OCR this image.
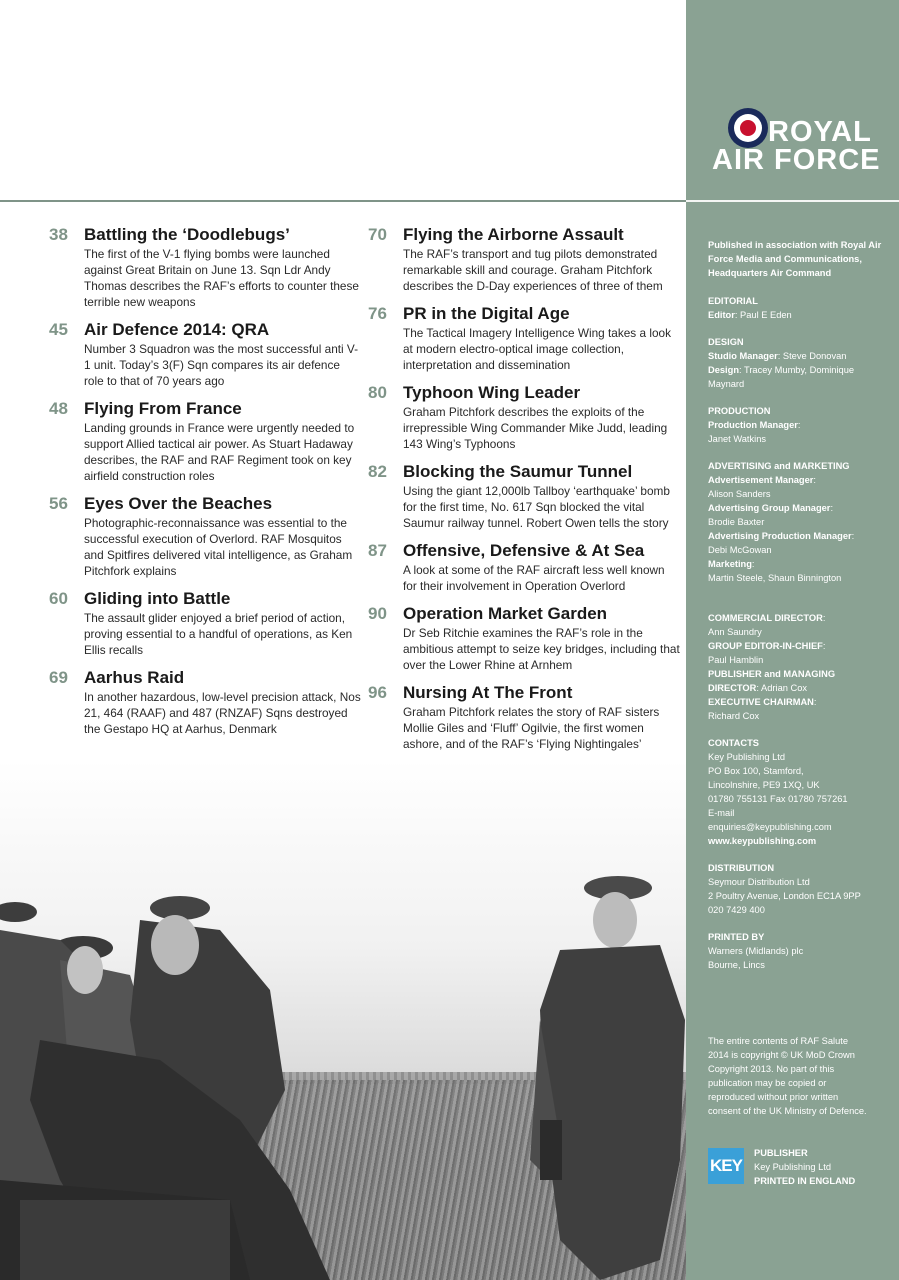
38 Battling the ‘Doodlebugs’
The first of the V-1 flying bombs were launched against Great Britain on June 13. Sqn Ldr Andy Thomas describes the RAF’s efforts to counter these terrible new weapons
45 Air Defence 2014: QRA
Number 3 Squadron was the most successful anti V-1 unit. Today’s 3(F) Sqn compares its air defence role to that of 70 years ago
48 Flying From France
Landing grounds in France were urgently needed to support Allied tactical air power. As Stuart Hadaway describes, the RAF and RAF Regiment took on key airfield construction roles
56 Eyes Over the Beaches
Photographic-reconnaissance was essential to the successful execution of Overlord. RAF Mosquitos and Spitfires delivered vital intelligence, as Graham Pitchfork explains
60 Gliding into Battle
The assault glider enjoyed a brief period of action, proving essential to a handful of operations, as Ken Ellis recalls
69 Aarhus Raid
In another hazardous, low-level precision attack, Nos 21, 464 (RAAF) and 487 (RNZAF) Sqns destroyed the Gestapo HQ at Aarhus, Denmark
70 Flying the Airborne Assault
The RAF’s transport and tug pilots demonstrated remarkable skill and courage. Graham Pitchfork describes the D-Day experiences of three of them
76 PR in the Digital Age
The Tactical Imagery Intelligence Wing takes a look at modern electro-optical image collection, interpretation and dissemination
80 Typhoon Wing Leader
Graham Pitchfork describes the exploits of the irrepressible Wing Commander Mike Judd, leading 143 Wing’s Typhoons
82 Blocking the Saumur Tunnel
Using the giant 12,000lb Tallboy ‘earthquake’ bomb for the first time, No. 617 Sqn blocked the vital Saumur railway tunnel. Robert Owen tells the story
87 Offensive, Defensive & At Sea
A look at some of the RAF aircraft less well known for their involvement in Operation Overlord
90 Operation Market Garden
Dr Seb Ritchie examines the RAF’s role in the ambitious attempt to seize key bridges, including that over the Lower Rhine at Arnhem
96 Nursing At The Front
Graham Pitchfork relates the story of RAF sisters Mollie Giles and ‘Fluff’ Ogilvie, the first women ashore, and of the RAF’s ‘Flying Nightingales’
ROYAL
AIR FORCE
Published in association with Royal Air Force Media and Communications, Headquarters Air Command
EDITORIAL
Editor: Paul E Eden
DESIGN
Studio Manager: Steve Donovan
Design: Tracey Mumby, Dominique Maynard
PRODUCTION
Production Manager:
Janet Watkins
ADVERTISING and MARKETING
Advertisement Manager:
Alison Sanders
Advertising Group Manager:
Brodie Baxter
Advertising Production Manager:
Debi McGowan
Marketing:
Martin Steele, Shaun Binnington
COMMERCIAL DIRECTOR:
Ann Saundry
GROUP EDITOR-IN-CHIEF:
Paul Hamblin
PUBLISHER and MANAGING DIRECTOR: Adrian Cox
EXECUTIVE CHAIRMAN:
Richard Cox
CONTACTS
Key Publishing Ltd
PO Box 100, Stamford,
Lincolnshire, PE9 1XQ, UK
01780 755131 Fax 01780 757261
E-mail
enquiries@keypublishing.com
www.keypublishing.com
DISTRIBUTION
Seymour Distribution Ltd
2 Poultry Avenue, London EC1A 9PP
020 7429 400
PRINTED BY
Warners (Midlands) plc
Bourne, Lincs
The entire contents of RAF Salute 2014 is copyright © UK MoD Crown Copyright 2013. No part of this publication may be copied or reproduced without prior written consent of the UK Ministry of Defence.
KEY
PUBLISHER
Key Publishing Ltd
PRINTED IN ENGLAND
